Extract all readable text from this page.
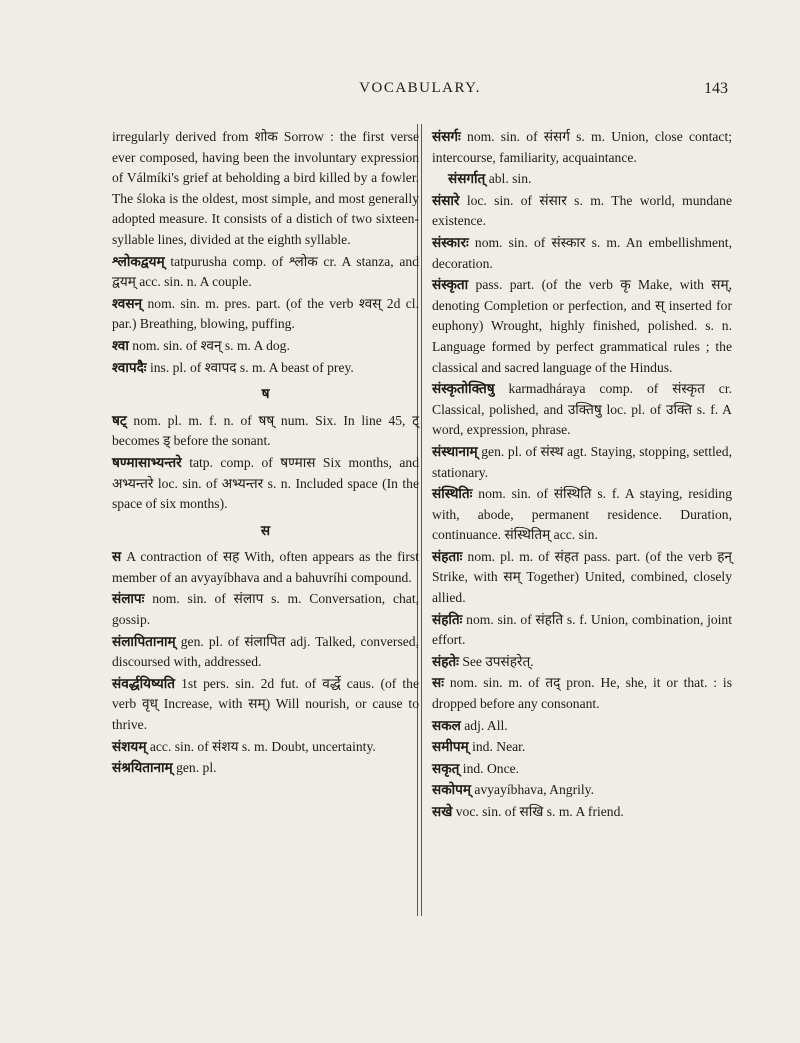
VOCABULARY.	143

irregularly derived from शोक Sorrow : the first verse ever composed, having been the involuntary expression of Válmíki's grief at beholding a bird killed by a fowler. The śloka is the oldest, most simple, and most generally adopted measure. It consists of a distich of two sixteen-syllable lines, divided at the eighth syllable.

श्लोकद्वयम् tatpurusha comp. of श्लोक cr. A stanza, and द्वयम् acc. sin. n. A couple.

श्वसन् nom. sin. m. pres. part. (of the verb श्वस् 2d cl. par.) Breathing, blowing, puffing.

श्वा nom. sin. of श्वन् s. m. A dog.

श्वापदैः ins. pl. of श्वापद s. m. A beast of prey.

ष

षट् nom. pl. m. f. n. of षष् num. Six. In line 45, ट् becomes ड् before the sonant.

षण्मासाभ्यन्तरे tatp. comp. of षण्मास Six months, and अभ्यन्तरे loc. sin. of अभ्यन्तर s. n. Included space (In the space of six months).

स

स A contraction of सह With, often appears as the first member of an avyayíbhava and a bahuvríhi compound.

संलापः nom. sin. of संलाप s. m. Conversation, chat, gossip.

संलापितानाम् gen. pl. of संलापित adj. Talked, conversed, discoursed with, addressed.

संवर्द्धयिष्यति 1st pers. sin. 2d fut. of वर्द्धे caus. (of the verb वृध् Increase, with सम्) Will nourish, or cause to thrive.

संशयम् acc. sin. of संशय s. m. Doubt, uncertainty.

संश्रयितानाम् gen. pl.

संसर्गः nom. sin. of संसर्ग s. m. Union, close contact; intercourse, familiarity, acquaintance.

संसर्गात् abl. sin.

संसारे loc. sin. of संसार s. m. The world, mundane existence.

संस्कारः nom. sin. of संस्कार s. m. An embellishment, decoration.

संस्कृता pass. part. (of the verb कृ Make, with सम्, denoting Completion or perfection, and स् inserted for euphony) Wrought, highly finished, polished. s. n. Language formed by perfect grammatical rules ; the classical and sacred language of the Hindus.

संस्कृतोक्तिषु karmadháraya comp. of संस्कृत cr. Classical, polished, and उक्तिषु loc. pl. of उक्ति s. f. A word, expression, phrase.

संस्थानाम् gen. pl. of संस्थ agt. Staying, stopping, settled, stationary.

संस्थितिः nom. sin. of संस्थिति s. f. A staying, residing with, abode, permanent residence. Duration, continuance. संस्थितिम् acc. sin.

संहताः nom. pl. m. of संहत pass. part. (of the verb हन् Strike, with सम् Together) United, combined, closely allied.

संहतिः nom. sin. of संहति s. f. Union, combination, joint effort.

संहतेः See उपसंहरेत्.

सः nom. sin. m. of तद् pron. He, she, it or that. : is dropped before any consonant.

सकल adj. All.

समीपम् ind. Near.

सकृत् ind. Once.

सकोपम् avyayíbhava, Angrily.

सखे voc. sin. of सखि s. m. A friend.
